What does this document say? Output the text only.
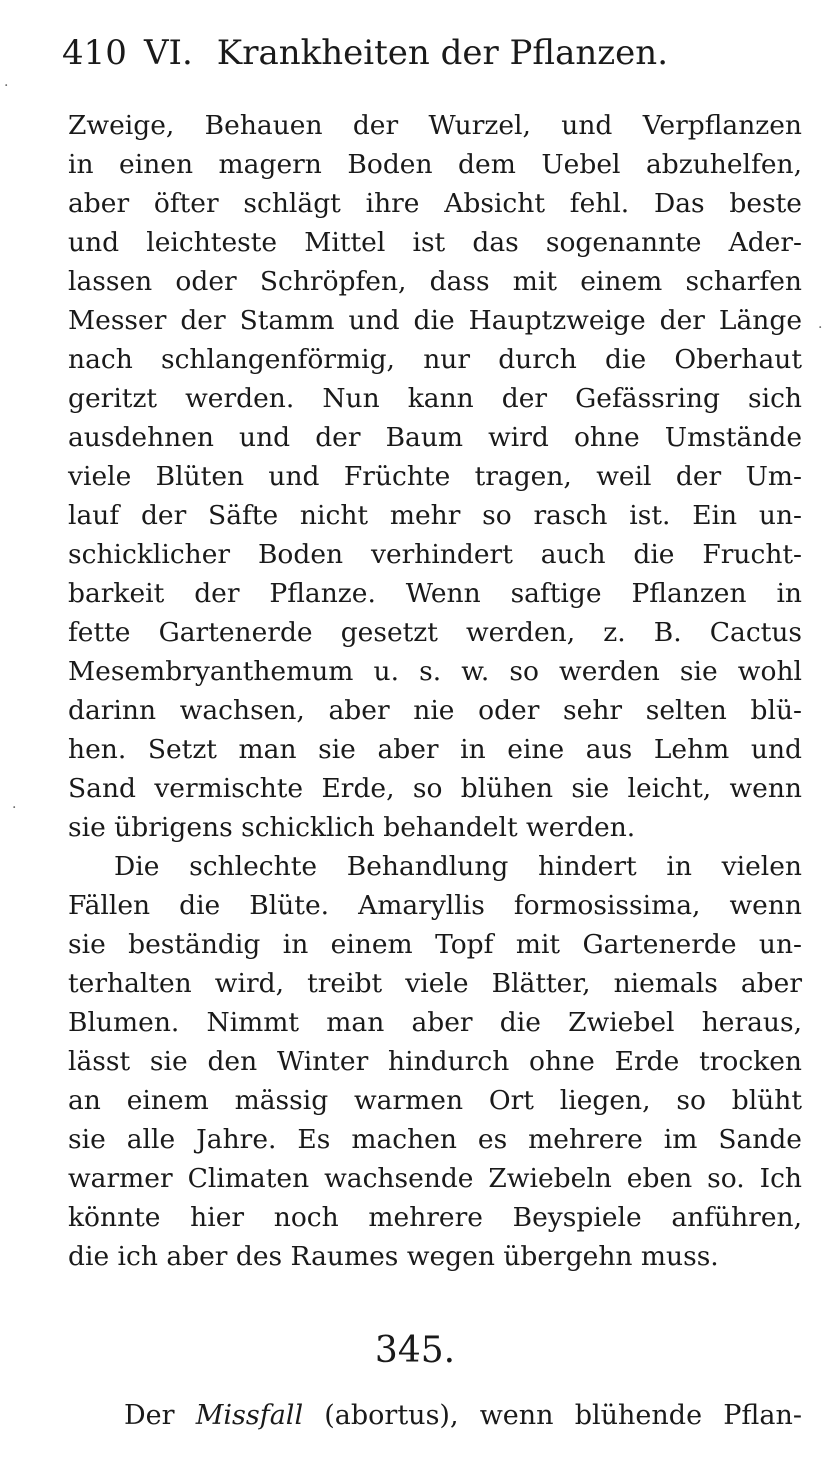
410 VI. Krankheiten der Pflanzen.
Zweige, Behauen der Wurzel, und Verpflanzen
in einen magern Boden dem Uebel abzuhelfen,
aber öfter schlägt ihre Absicht fehl. Das beste
und leichteste Mittel ist das sogenannte Ader-
lassen oder Schröpfen, dass mit einem scharfen
Messer der Stamm und die Hauptzweige der Länge
nach schlangenförmig, nur durch die Oberhaut
geritzt werden. Nun kann der Gefässring sich
ausdehnen und der Baum wird ohne Umstände
viele Blüten und Früchte tragen, weil der Um-
lauf der Säfte nicht mehr so rasch ist. Ein un-
schicklicher Boden verhindert auch die Frucht-
barkeit der Pflanze. Wenn saftige Pflanzen in
fette Gartenerde gesetzt werden, z. B. Cactus
Mesembryanthemum u. s. w. so werden sie wohl
darinn wachsen, aber nie oder sehr selten blü-
hen. Setzt man sie aber in eine aus Lehm und
Sand vermischte Erde, so blühen sie leicht, wenn
sie übrigens schicklich behandelt werden.
Die schlechte Behandlung hindert in vielen
Fällen die Blüte. Amaryllis formosissima, wenn
sie beständig in einem Topf mit Gartenerde un-
terhalten wird, treibt viele Blätter, niemals aber
Blumen. Nimmt man aber die Zwiebel heraus,
lässt sie den Winter hindurch ohne Erde trocken
an einem mässig warmen Ort liegen, so blüht
sie alle Jahre. Es machen es mehrere im Sande
warmer Climaten wachsende Zwiebeln eben so. Ich
könnte hier noch mehrere Beyspiele anführen,
die ich aber des Raumes wegen übergehn muss.
345.
Der Missfall (abortus), wenn blühende Pflan-
·
·
·
